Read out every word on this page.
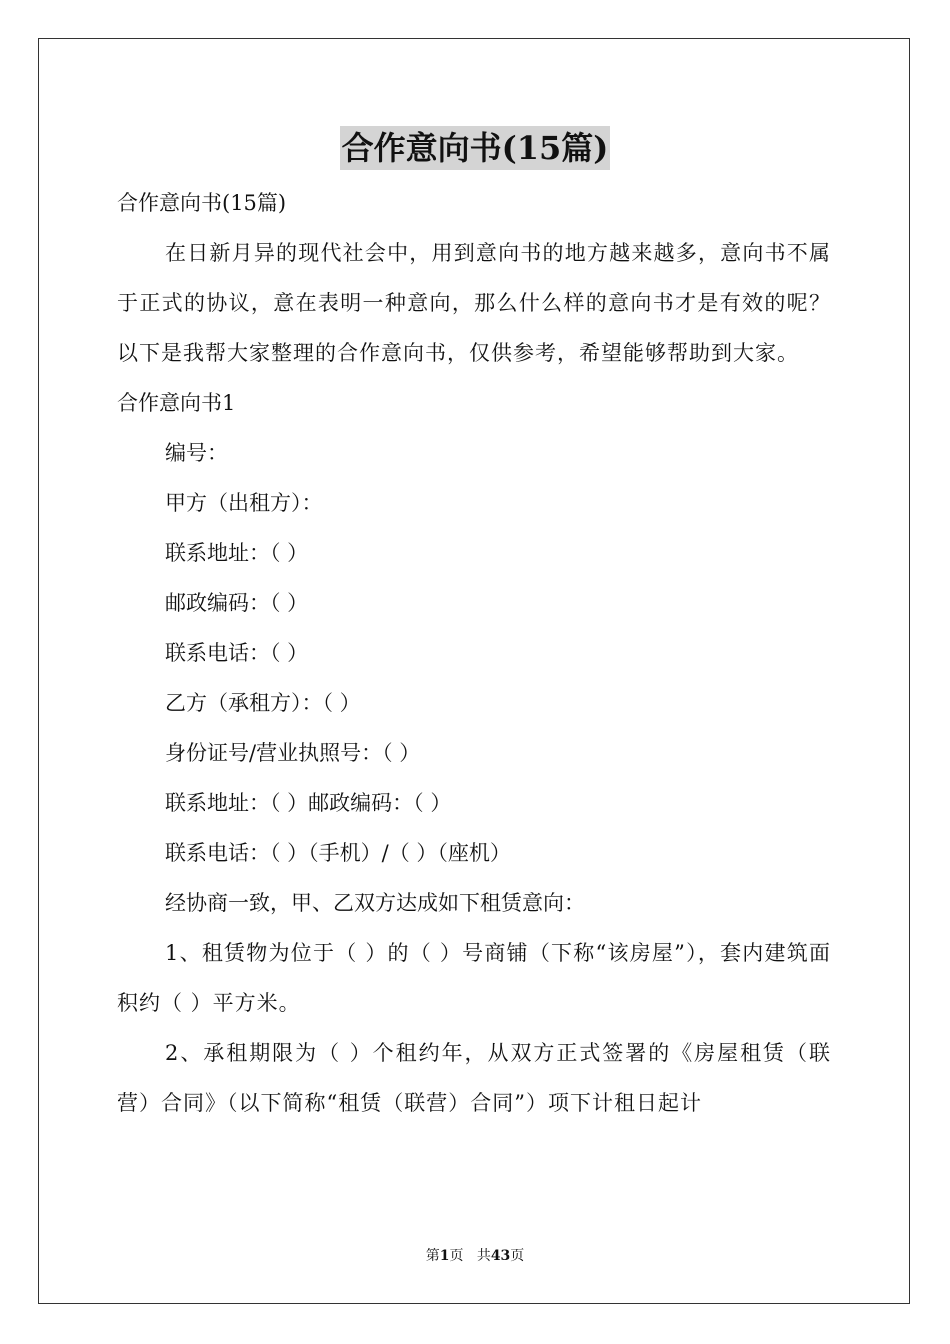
合作意向书(15篇)
合作意向书(15篇)
在日新月异的现代社会中，用到意向书的地方越来越多，意向书不属于正式的协议，意在表明一种意向，那么什么样的意向书才是有效的呢？以下是我帮大家整理的合作意向书，仅供参考，希望能够帮助到大家。
合作意向书1
编号：
甲方（出租方）：
联系地址：（ ）
邮政编码：（ ）
联系电话：（ ）
乙方（承租方）：（ ）
身份证号/营业执照号：（ ）
联系地址：（ ）邮政编码：（ ）
联系电话：（ ）（手机）/（ ）（座机）
经协商一致，甲、乙双方达成如下租赁意向：
1、租赁物为位于（ ）的（ ）号商铺（下称“该房屋”），套内建筑面积约（ ）平方米。
2、承租期限为（ ）个租约年，从双方正式签署的《房屋租赁（联营）合同》（以下简称“租赁（联营）合同”）项下计租日起计
第1页 共43页
